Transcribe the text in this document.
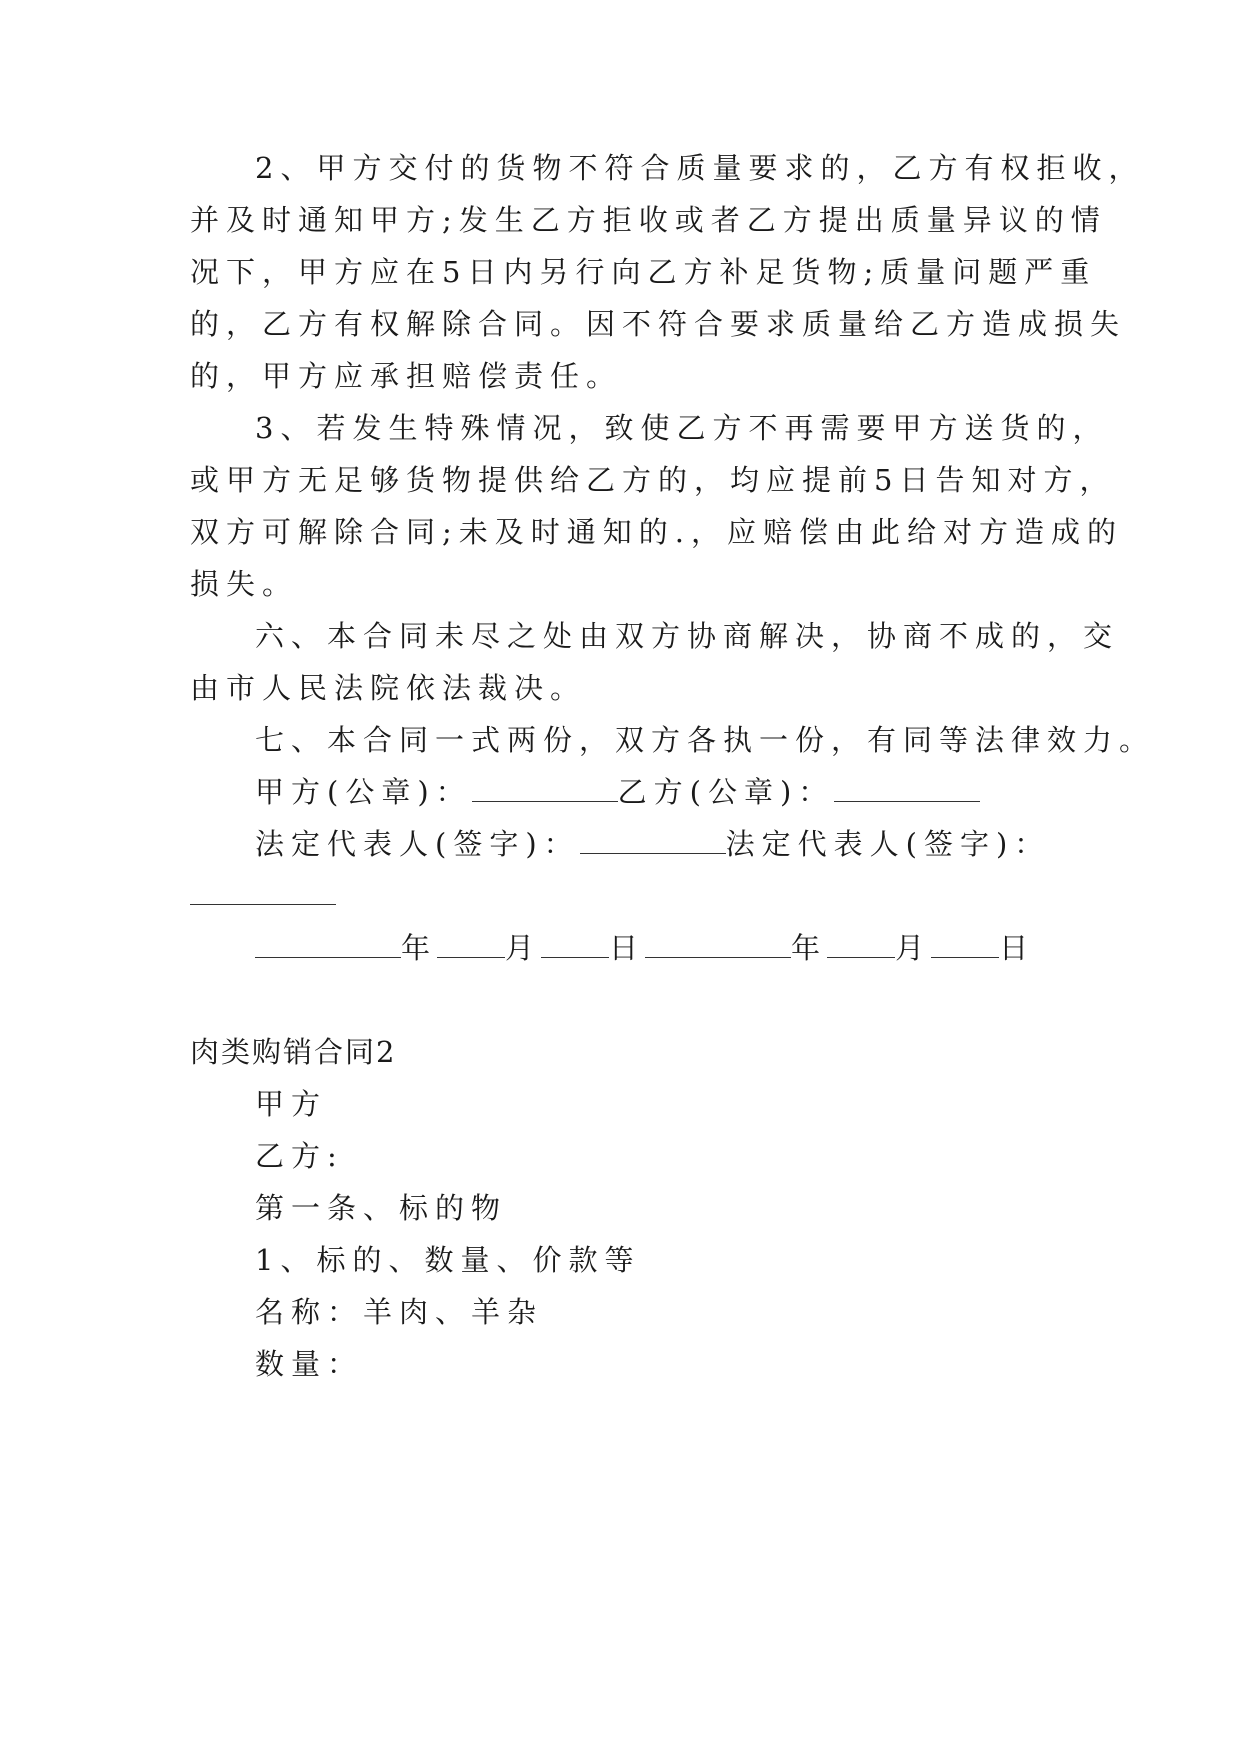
2、甲方交付的货物不符合质量要求的，乙方有权拒收，
并及时通知甲方;发生乙方拒收或者乙方提出质量异议的情
况下，甲方应在5日内另行向乙方补足货物;质量问题严重
的，乙方有权解除合同。因不符合要求质量给乙方造成损失
的，甲方应承担赔偿责任。
3、若发生特殊情况，致使乙方不再需要甲方送货的，
或甲方无足够货物提供给乙方的，均应提前5日告知对方，
双方可解除合同;未及时通知的.，应赔偿由此给对方造成的
损失。
六、本合同未尽之处由双方协商解决，协商不成的，交
由市人民法院依法裁决。
七、本合同一式两份，双方各执一份，有同等法律效力。
甲方(公章)：	乙方(公章)：
法定代表人(签字)：	法定代表人(签字)：
年 月 日	年 月 日
肉类购销合同2
甲方
乙方:
第一条、标的物
1、标的、数量、价款等
名称：羊肉、羊杂
数量：
